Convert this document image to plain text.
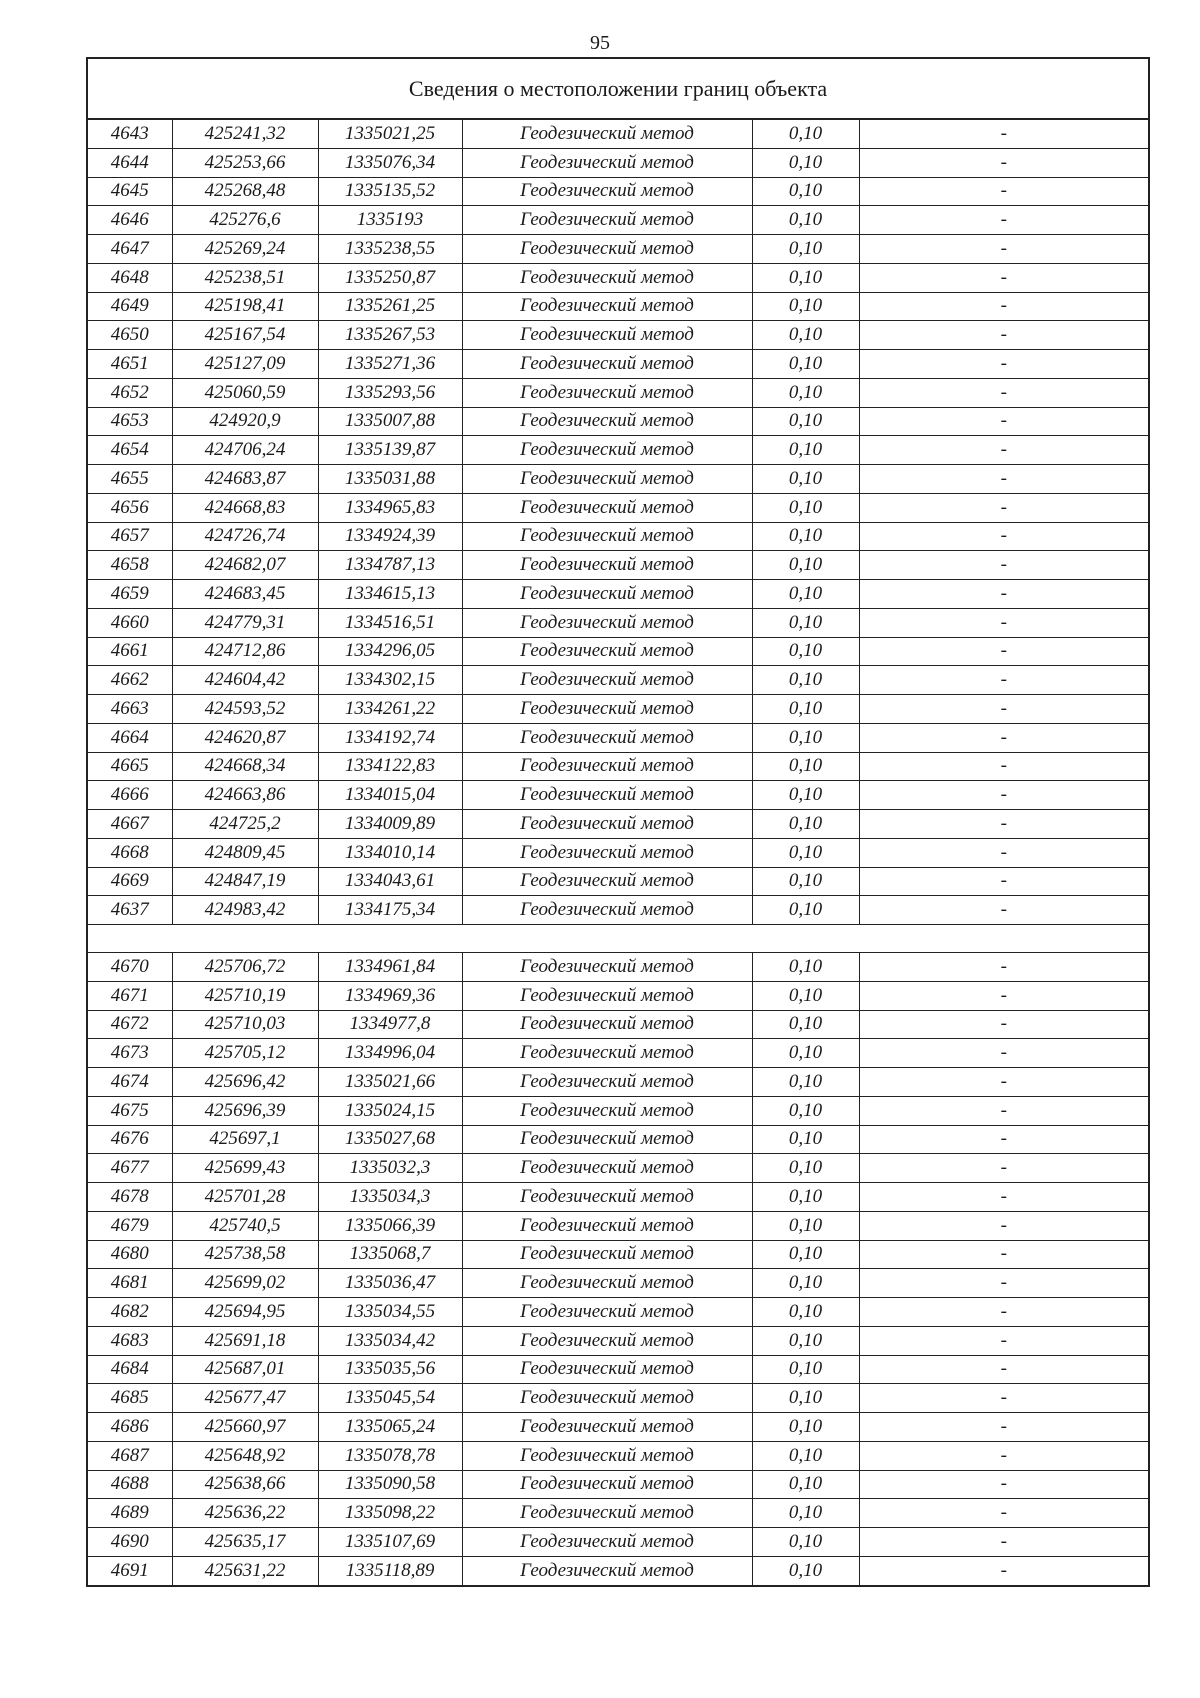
95
Сведения о местоположении границ объекта					
4643	425241,32	1335021,25	Геодезический метод	0,10	-
4644	425253,66	1335076,34	Геодезический метод	0,10	-
4645	425268,48	1335135,52	Геодезический метод	0,10	-
4646	425276,6	1335193	Геодезический метод	0,10	-
4647	425269,24	1335238,55	Геодезический метод	0,10	-
4648	425238,51	1335250,87	Геодезический метод	0,10	-
4649	425198,41	1335261,25	Геодезический метод	0,10	-
4650	425167,54	1335267,53	Геодезический метод	0,10	-
4651	425127,09	1335271,36	Геодезический метод	0,10	-
4652	425060,59	1335293,56	Геодезический метод	0,10	-
4653	424920,9	1335007,88	Геодезический метод	0,10	-
4654	424706,24	1335139,87	Геодезический метод	0,10	-
4655	424683,87	1335031,88	Геодезический метод	0,10	-
4656	424668,83	1334965,83	Геодезический метод	0,10	-
4657	424726,74	1334924,39	Геодезический метод	0,10	-
4658	424682,07	1334787,13	Геодезический метод	0,10	-
4659	424683,45	1334615,13	Геодезический метод	0,10	-
4660	424779,31	1334516,51	Геодезический метод	0,10	-
4661	424712,86	1334296,05	Геодезический метод	0,10	-
4662	424604,42	1334302,15	Геодезический метод	0,10	-
4663	424593,52	1334261,22	Геодезический метод	0,10	-
4664	424620,87	1334192,74	Геодезический метод	0,10	-
4665	424668,34	1334122,83	Геодезический метод	0,10	-
4666	424663,86	1334015,04	Геодезический метод	0,10	-
4667	424725,2	1334009,89	Геодезический метод	0,10	-
4668	424809,45	1334010,14	Геодезический метод	0,10	-
4669	424847,19	1334043,61	Геодезический метод	0,10	-
4637	424983,42	1334175,34	Геодезический метод	0,10	-

4670	425706,72	1334961,84	Геодезический метод	0,10	-
4671	425710,19	1334969,36	Геодезический метод	0,10	-
4672	425710,03	1334977,8	Геодезический метод	0,10	-
4673	425705,12	1334996,04	Геодезический метод	0,10	-
4674	425696,42	1335021,66	Геодезический метод	0,10	-
4675	425696,39	1335024,15	Геодезический метод	0,10	-
4676	425697,1	1335027,68	Геодезический метод	0,10	-
4677	425699,43	1335032,3	Геодезический метод	0,10	-
4678	425701,28	1335034,3	Геодезический метод	0,10	-
4679	425740,5	1335066,39	Геодезический метод	0,10	-
4680	425738,58	1335068,7	Геодезический метод	0,10	-
4681	425699,02	1335036,47	Геодезический метод	0,10	-
4682	425694,95	1335034,55	Геодезический метод	0,10	-
4683	425691,18	1335034,42	Геодезический метод	0,10	-
4684	425687,01	1335035,56	Геодезический метод	0,10	-
4685	425677,47	1335045,54	Геодезический метод	0,10	-
4686	425660,97	1335065,24	Геодезический метод	0,10	-
4687	425648,92	1335078,78	Геодезический метод	0,10	-
4688	425638,66	1335090,58	Геодезический метод	0,10	-
4689	425636,22	1335098,22	Геодезический метод	0,10	-
4690	425635,17	1335107,69	Геодезический метод	0,10	-
4691	425631,22	1335118,89	Геодезический метод	0,10	-
